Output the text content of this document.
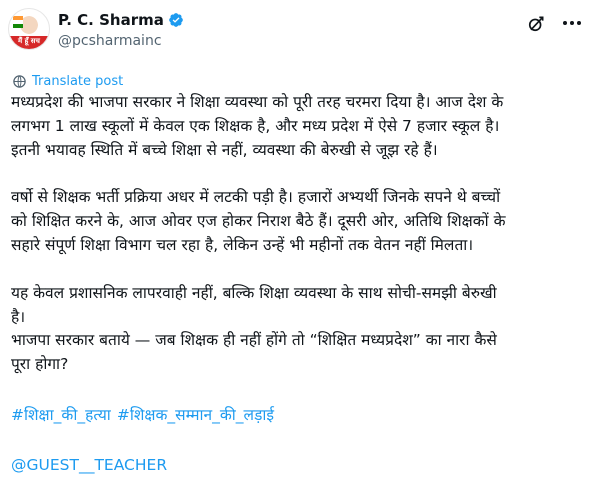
मैं हूँ सच
P. C. Sharma
@pcsharmainc
Translate post
मध्यप्रदेश की भाजपा सरकार ने शिक्षा व्यवस्था को पूरी तरह चरमरा दिया है। आज देश के
लगभग 1 लाख स्कूलों में केवल एक शिक्षक है, और मध्य प्रदेश में ऐसे 7 हजार स्कूल है।
इतनी भयावह स्थिति में बच्चे शिक्षा से नहीं, व्यवस्था की बेरुखी से जूझ रहे हैं।
वर्षो से शिक्षक भर्ती प्रक्रिया अधर में लटकी पड़ी है। हजारों अभ्यर्थी जिनके सपने थे बच्चों
को शिक्षित करने के, आज ओवर एज होकर निराश बैठे हैं। दूसरी ओर, अतिथि शिक्षकों के
सहारे संपूर्ण शिक्षा विभाग चल रहा है, लेकिन उन्हें भी महीनों तक वेतन नहीं मिलता।
यह केवल प्रशासनिक लापरवाही नहीं, बल्कि शिक्षा व्यवस्था के साथ सोची-समझी बेरुखी
है।
भाजपा सरकार बताये — जब शिक्षक ही नहीं होंगे तो “शिक्षित मध्यप्रदेश” का नारा कैसे
पूरा होगा?
#शिक्षा_की_हत्या #शिक्षक_सम्मान_की_लड़ाई
@GUEST__TEACHER
